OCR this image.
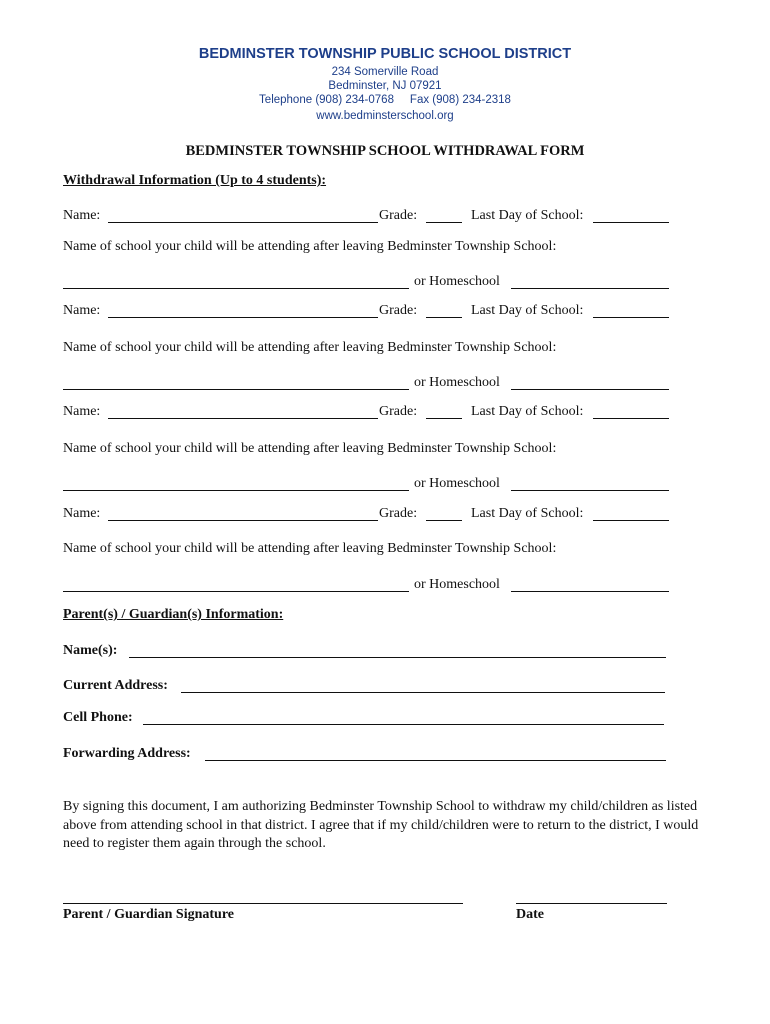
BEDMINSTER TOWNSHIP PUBLIC SCHOOL DISTRICT
234 Somerville Road
Bedminster, NJ 07921
Telephone (908) 234-0768     Fax (908) 234-2318
www.bedminsterschool.org
BEDMINSTER TOWNSHIP SCHOOL WITHDRAWAL FORM
Withdrawal Information (Up to 4 students):
Name:	Grade:	Last Day of School:
Name of school your child will be attending after leaving Bedminster Township School:
or Homeschool
Name:	Grade:	Last Day of School:
Name of school your child will be attending after leaving Bedminster Township School:
or Homeschool
Name:	Grade:	Last Day of School:
Name of school your child will be attending after leaving Bedminster Township School:
or Homeschool
Name:	Grade:	Last Day of School:
Name of school your child will be attending after leaving Bedminster Township School:
or Homeschool
Parent(s) / Guardian(s) Information:
Name(s):
Current Address:
Cell Phone:
Forwarding Address:
By signing this document, I am authorizing Bedminster Township School to withdraw my child/children as listed above from attending school in that district. I agree that if my child/children were to return to the district, I would need to register them again through the school.
Parent / Guardian Signature	Date
